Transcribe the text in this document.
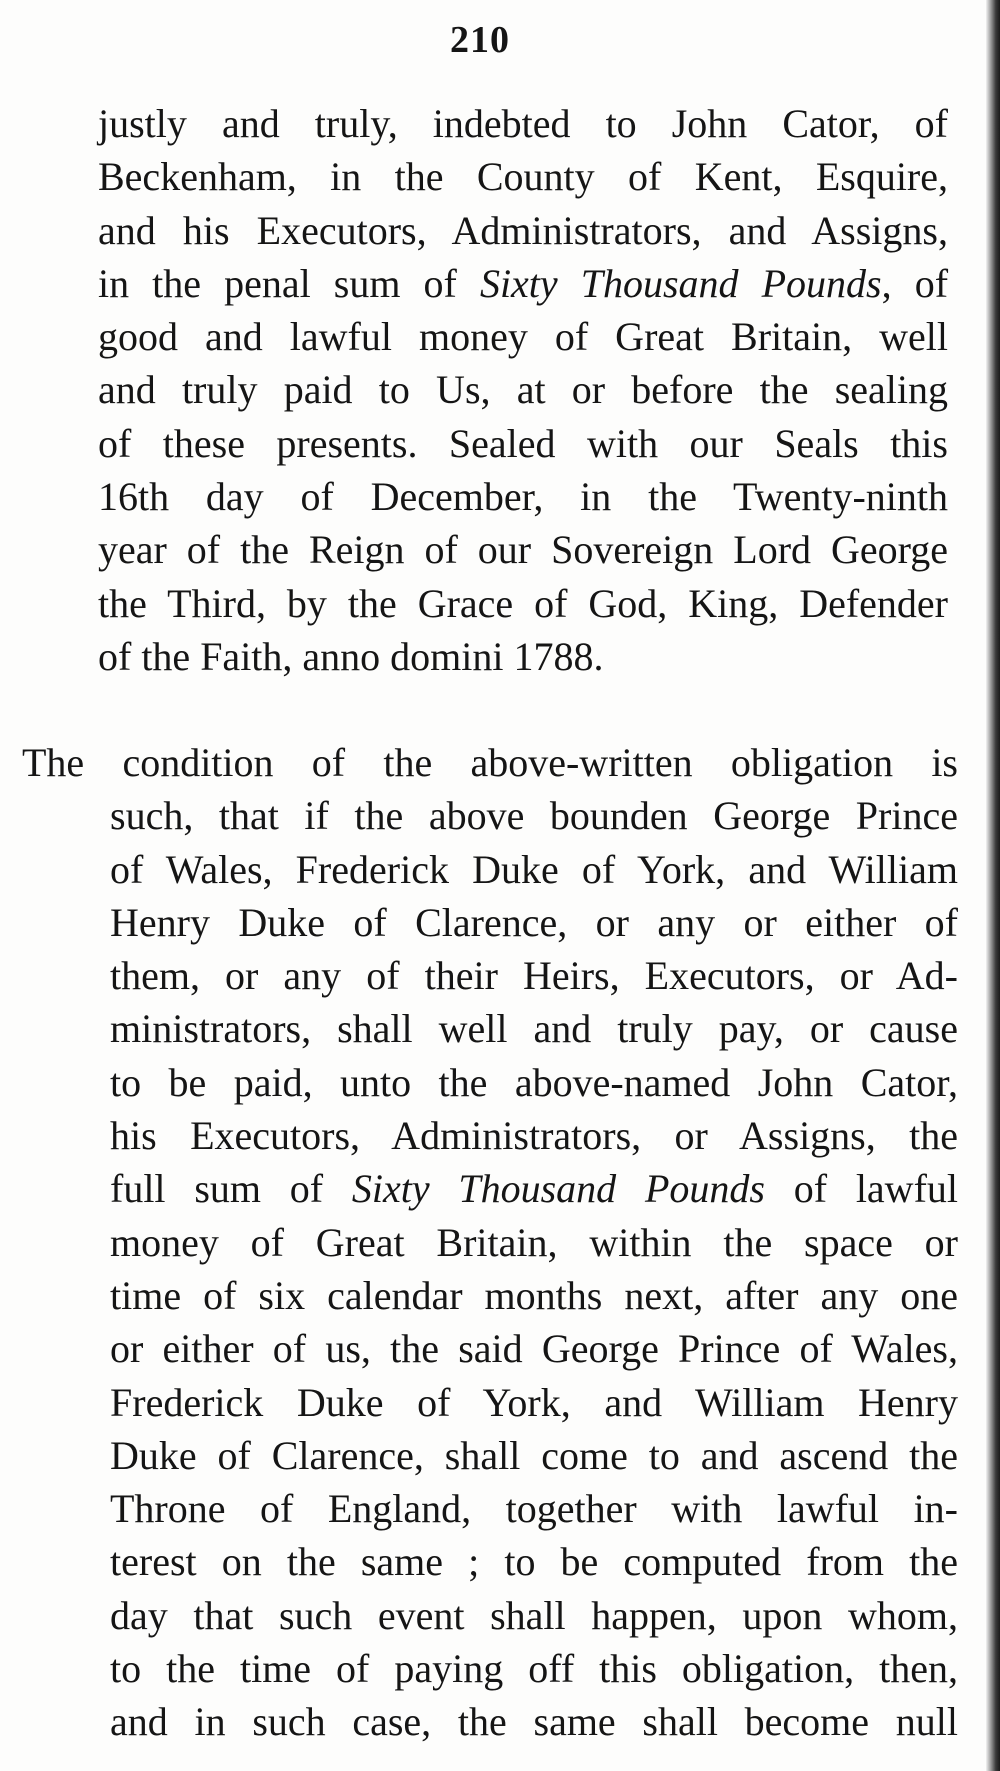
210
justly and truly, indebted to John Cator, of
Beckenham, in the County of Kent, Esquire,
and his Executors, Administrators, and Assigns,
in the penal sum of Sixty Thousand Pounds, of
good and lawful money of Great Britain, well
and truly paid to Us, at or before the sealing
of these presents. Sealed with our Seals this
16th day of December, in the Twenty-ninth
year of the Reign of our Sovereign Lord George
the Third, by the Grace of God, King, Defender
of the Faith, anno domini 1788.
The condition of the above-written obligation is
such, that if the above bounden George Prince
of Wales, Frederick Duke of York, and William
Henry Duke of Clarence, or any or either of
them, or any of their Heirs, Executors, or Ad-
ministrators, shall well and truly pay, or cause
to be paid, unto the above-named John Cator,
his Executors, Administrators, or Assigns, the
full sum of Sixty Thousand Pounds of lawful
money of Great Britain, within the space or
time of six calendar months next, after any one
or either of us, the said George Prince of Wales,
Frederick Duke of York, and William Henry
Duke of Clarence, shall come to and ascend the
Throne of England, together with lawful in-
terest on the same ; to be computed from the
day that such event shall happen, upon whom,
to the time of paying off this obligation, then,
and in such case, the same shall become null
